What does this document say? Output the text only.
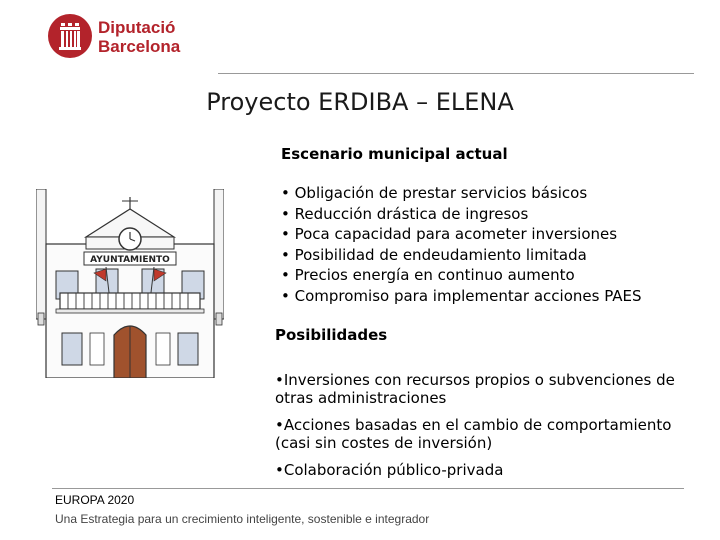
Diputació
Barcelona
Proyecto ERDIBA – ELENA
Escenario municipal actual
• Obligación de prestar servicios básicos
• Reducción drástica de ingresos
• Poca capacidad para acometer inversiones
• Posibilidad de endeudamiento limitada
• Precios energía en continuo aumento
• Compromiso para implementar acciones PAES
Posibilidades
•Inversiones con recursos propios o subvenciones de otras administraciones
•Acciones basadas en el cambio de comportamiento (casi sin costes de inversión)
•Colaboración público-privada
AYUNTAMIENTO
EUROPA 2020
Una Estrategia para un crecimiento inteligente, sostenible e integrador
